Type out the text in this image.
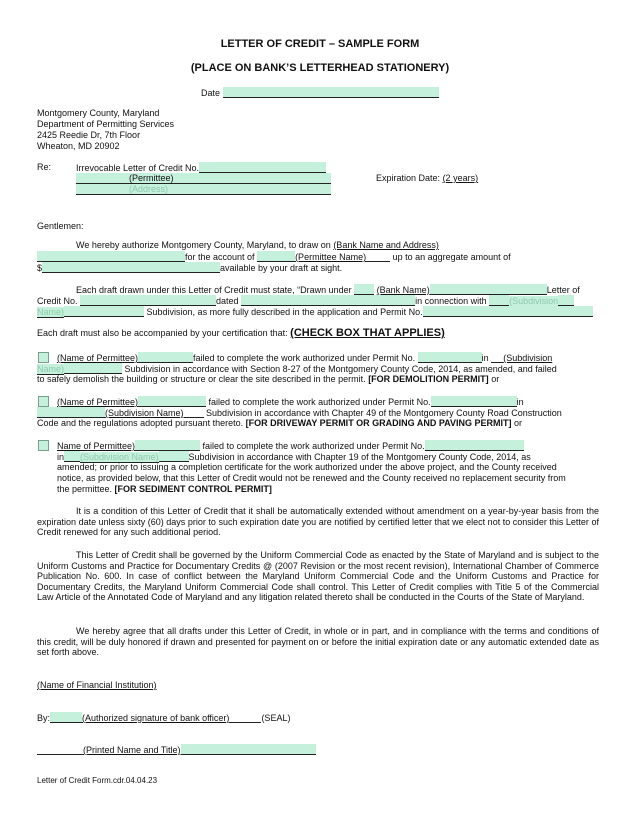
LETTER OF CREDIT – SAMPLE FORM
(PLACE ON BANK’S LETTERHEAD STATIONERY)
Date
Montgomery County, Maryland
Department of Permitting Services
2425 Reedie Dr, 7th Floor
Wheaton, MD 20902
Re:	Irrevocable Letter of Credit No.
(Permittee)
(Address)
Expiration Date: (2 years)
Gentlemen:
We hereby authorize Montgomery County, Maryland, to draw on (Bank Name and Address)
for the account of	(Permittee Name)	up to an aggregate amount of
$	available by your draft at sight.
Each draft drawn under this Letter of Credit must state, “Drawn under	(Bank Name)	Letter of
Credit No.	dated	in connection with	(Subdivision
Name)	Subdivision, as more fully described in the application and Permit No.
Each draft must also be accompanied by your certification that: (CHECK BOX THAT APPLIES)
(Name of Permittee)	failed to complete the work authorized under Permit No.	in (Subdivision
Name)	Subdivision in accordance with Section 8-27 of the Montgomery County Code, 2014, as amended, and failed
to safely demolish the building or structure or clear the site described in the permit. [FOR DEMOLITION PERMIT] or
(Name of Permittee)	failed to complete the work authorized under Permit No.	in
(Subdivision Name)	Subdivision in accordance with Chapter 49 of the Montgomery County Road Construction
Code and the regulations adopted pursuant thereto. [FOR DRIVEWAY PERMIT OR GRADING AND PAVING PERMIT] or
Name of Permittee)	failed to complete the work authorized under Permit No.
in (Subdivision Name)	Subdivision in accordance with Chapter 19 of the Montgomery County Code, 2014, as
amended; or prior to issuing a completion certificate for the work authorized under the above project, and the County received
notice, as provided below, that this Letter of Credit would not be renewed and the County received no replacement security from
the permittee. [FOR SEDIMENT CONTROL PERMIT]
It is a condition of this Letter of Credit that it shall be automatically extended without amendment on a year-by-year basis from the expiration date unless sixty (60) days prior to such expiration date you are notified by certified letter that we elect not to consider this Letter of Credit renewed for any such additional period.
This Letter of Credit shall be governed by the Uniform Commercial Code as enacted by the State of Maryland and is subject to the Uniform Customs and Practice for Documentary Credits @ (2007 Revision or the most recent revision), International Chamber of Commerce Publication No. 600. In case of conflict between the Maryland Uniform Commercial Code and the Uniform Customs and Practice for Documentary Credits, the Maryland Uniform Commercial Code shall control. This Letter of Credit complies with Title 5 of the Commercial Law Article of the Annotated Code of Maryland and any litigation related thereto shall be conducted in the Courts of the State of Maryland.
We hereby agree that all drafts under this Letter of Credit, in whole or in part, and in compliance with the terms and conditions of this credit, will be duly honored if drawn and presented for payment on or before the initial expiration date or any automatic extended date as set forth above.
(Name of Financial Institution)
By:	(Authorized signature of bank officer)	(SEAL)
(Printed Name and Title)
Letter of Credit Form.cdr.04.04.23
